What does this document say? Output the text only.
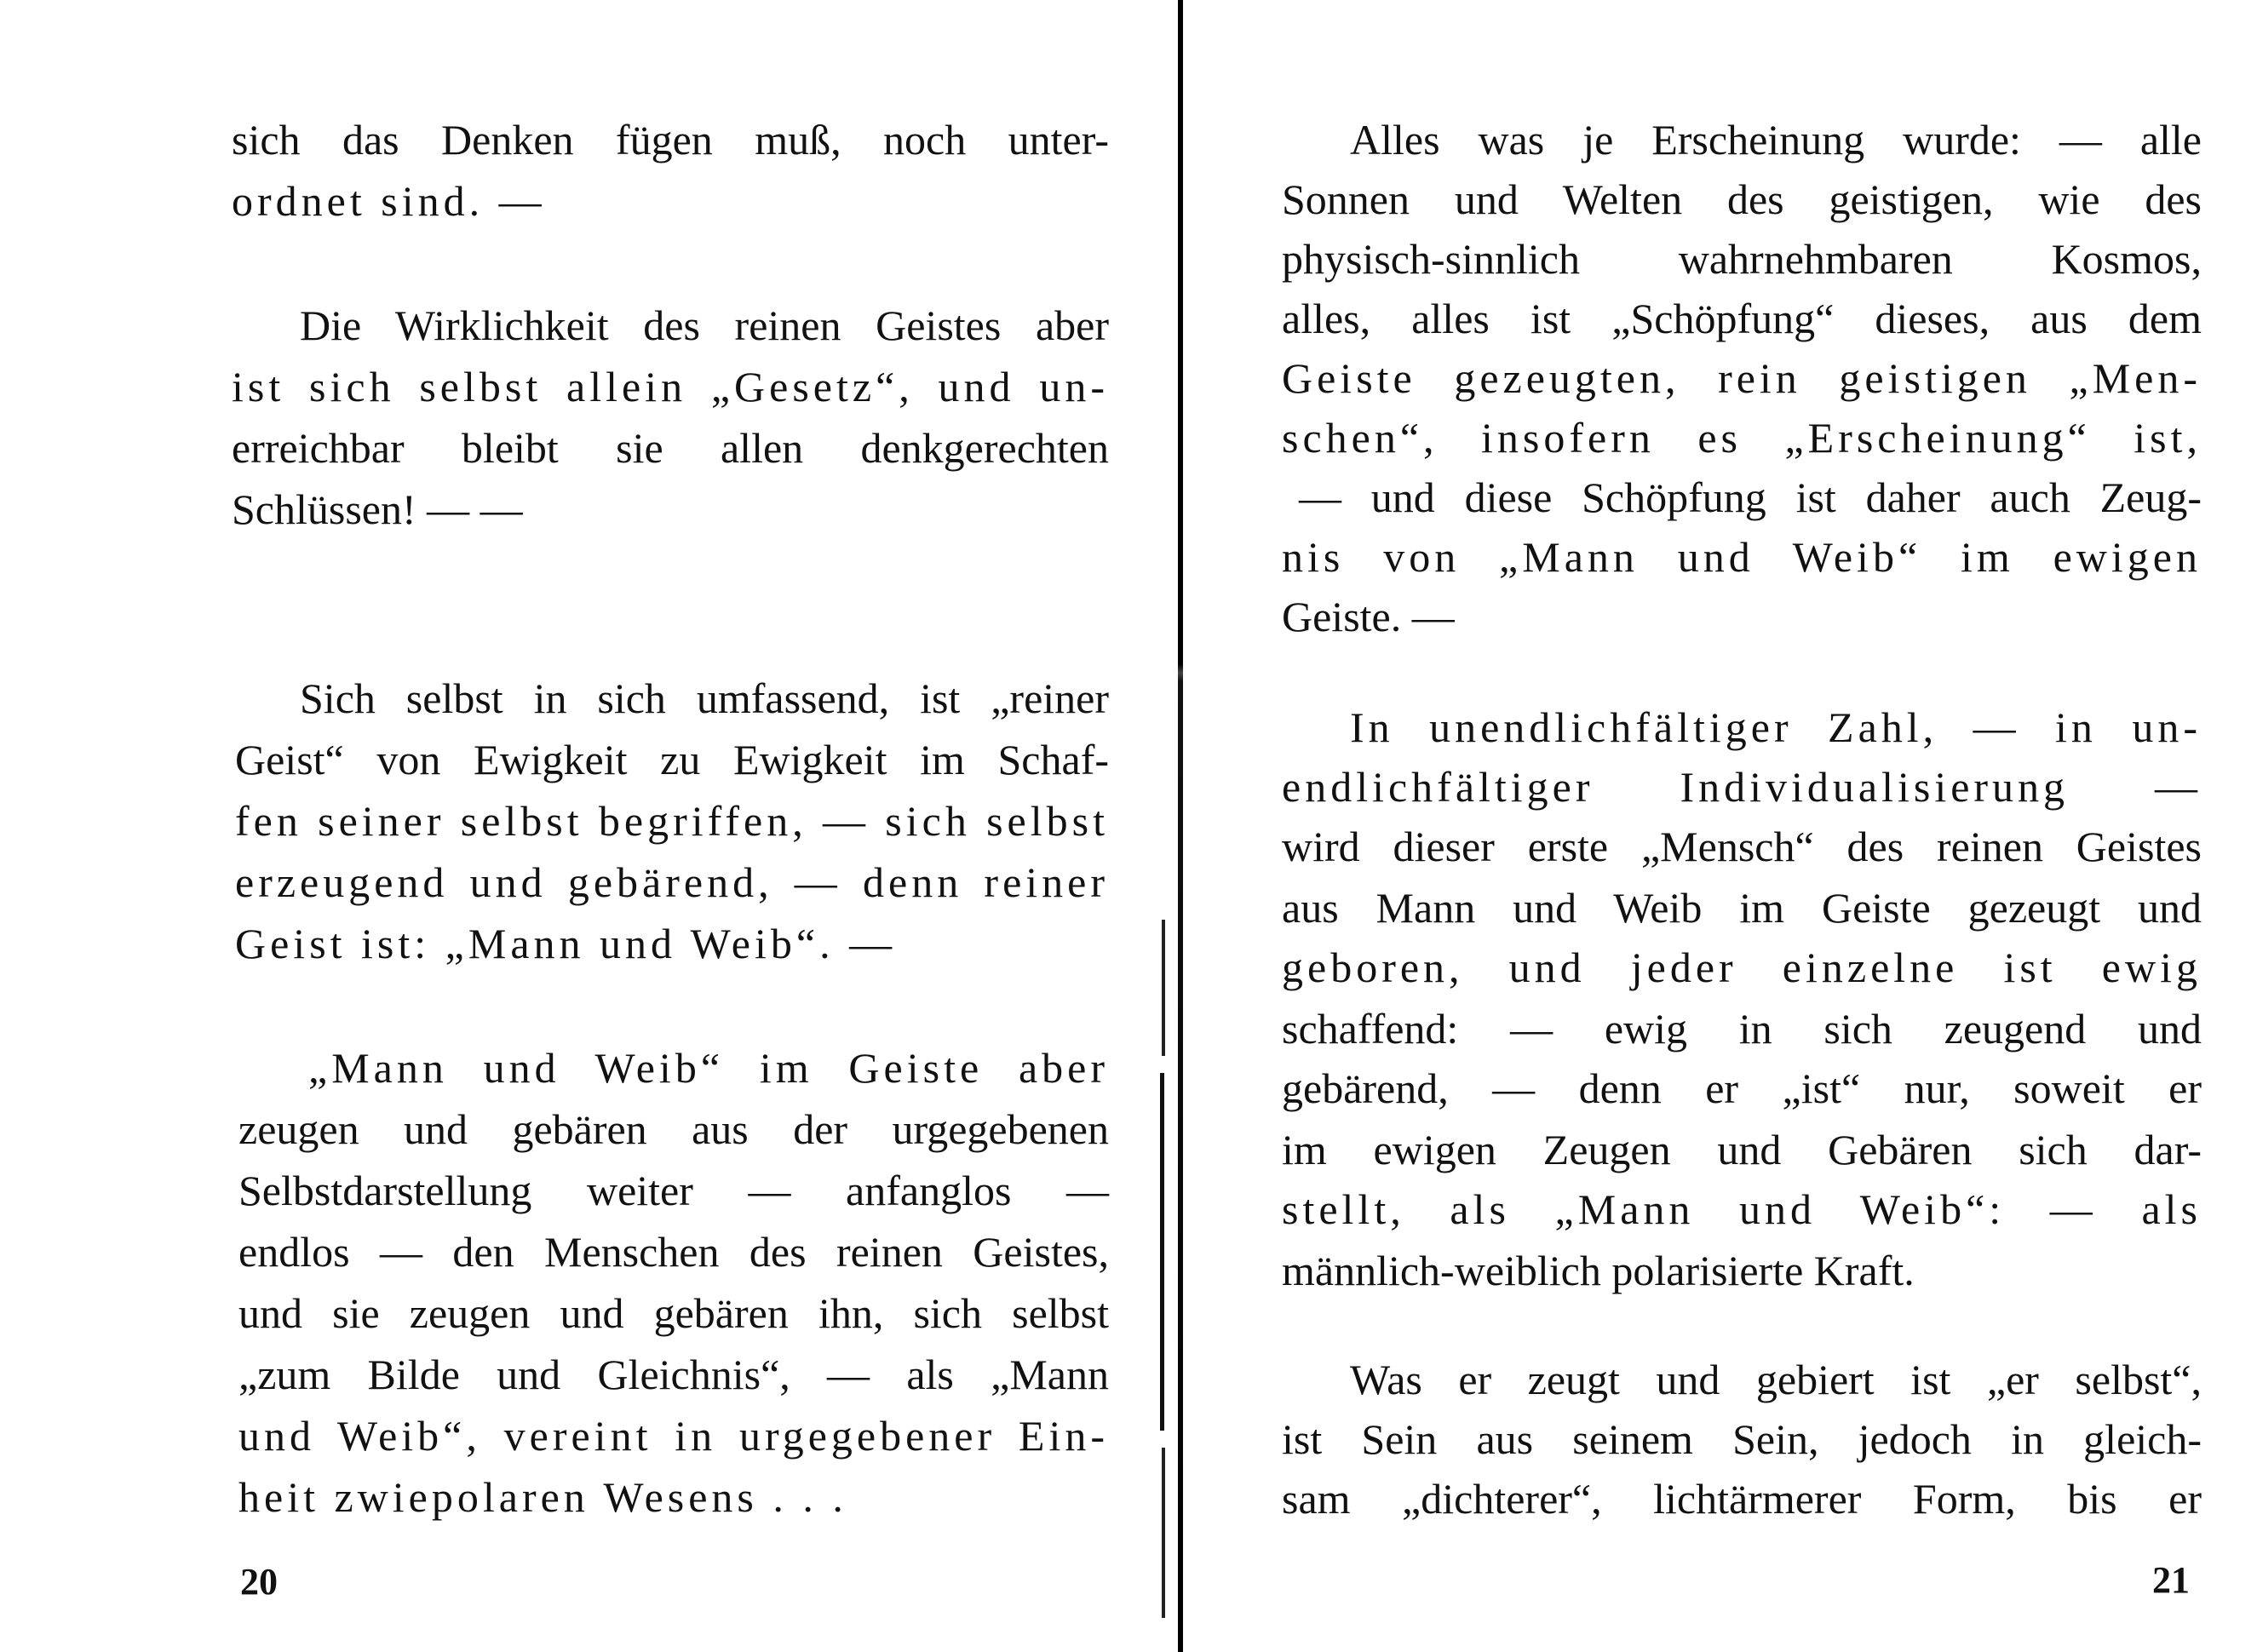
sich das Denken fügen muß, noch unter-
ordnet sind. —
Die Wirklichkeit des reinen Geistes aber
ist sich selbst allein „Gesetz“, und un-
erreichbar bleibt sie allen denkgerechten
Schlüssen! — —
Sich selbst in sich umfassend, ist „reiner
Geist“ von Ewigkeit zu Ewigkeit im Schaf-
fen seiner selbst begriffen, — sich selbst
erzeugend und gebärend, — denn reiner
Geist ist: „Mann und Weib“. —
„Mann und Weib“ im Geiste aber
zeugen und gebären aus der urgegebenen
Selbstdarstellung weiter — anfanglos —
endlos — den Menschen des reinen Geistes,
und sie zeugen und gebären ihn, sich selbst
„zum Bilde und Gleichnis“, — als „Mann
und Weib“, vereint in urgegebener Ein-
heit zwiepolaren Wesens . . .
20
Alles was je Erscheinung wurde: — alle
Sonnen und Welten des geistigen, wie des
physisch-sinnlich wahrnehmbaren Kosmos,
alles, alles ist „Schöpfung“ dieses, aus dem
Geiste gezeugten, rein geistigen „Men-
schen“, insofern es „Erscheinung“ ist,
— und diese Schöpfung ist daher auch Zeug-
nis von „Mann und Weib“ im ewigen
Geiste. —
In unendlichfältiger Zahl, — in un-
endlichfältiger Individualisierung —
wird dieser erste „Mensch“ des reinen Geistes
aus Mann und Weib im Geiste gezeugt und
geboren, und jeder einzelne ist ewig
schaffend: — ewig in sich zeugend und
gebärend, — denn er „ist“ nur, soweit er
im ewigen Zeugen und Gebären sich dar-
stellt, als „Mann und Weib“: — als
männlich-weiblich polarisierte Kraft.
Was er zeugt und gebiert ist „er selbst“,
ist Sein aus seinem Sein, jedoch in gleich-
sam „dichterer“, lichtärmerer Form, bis er
21
